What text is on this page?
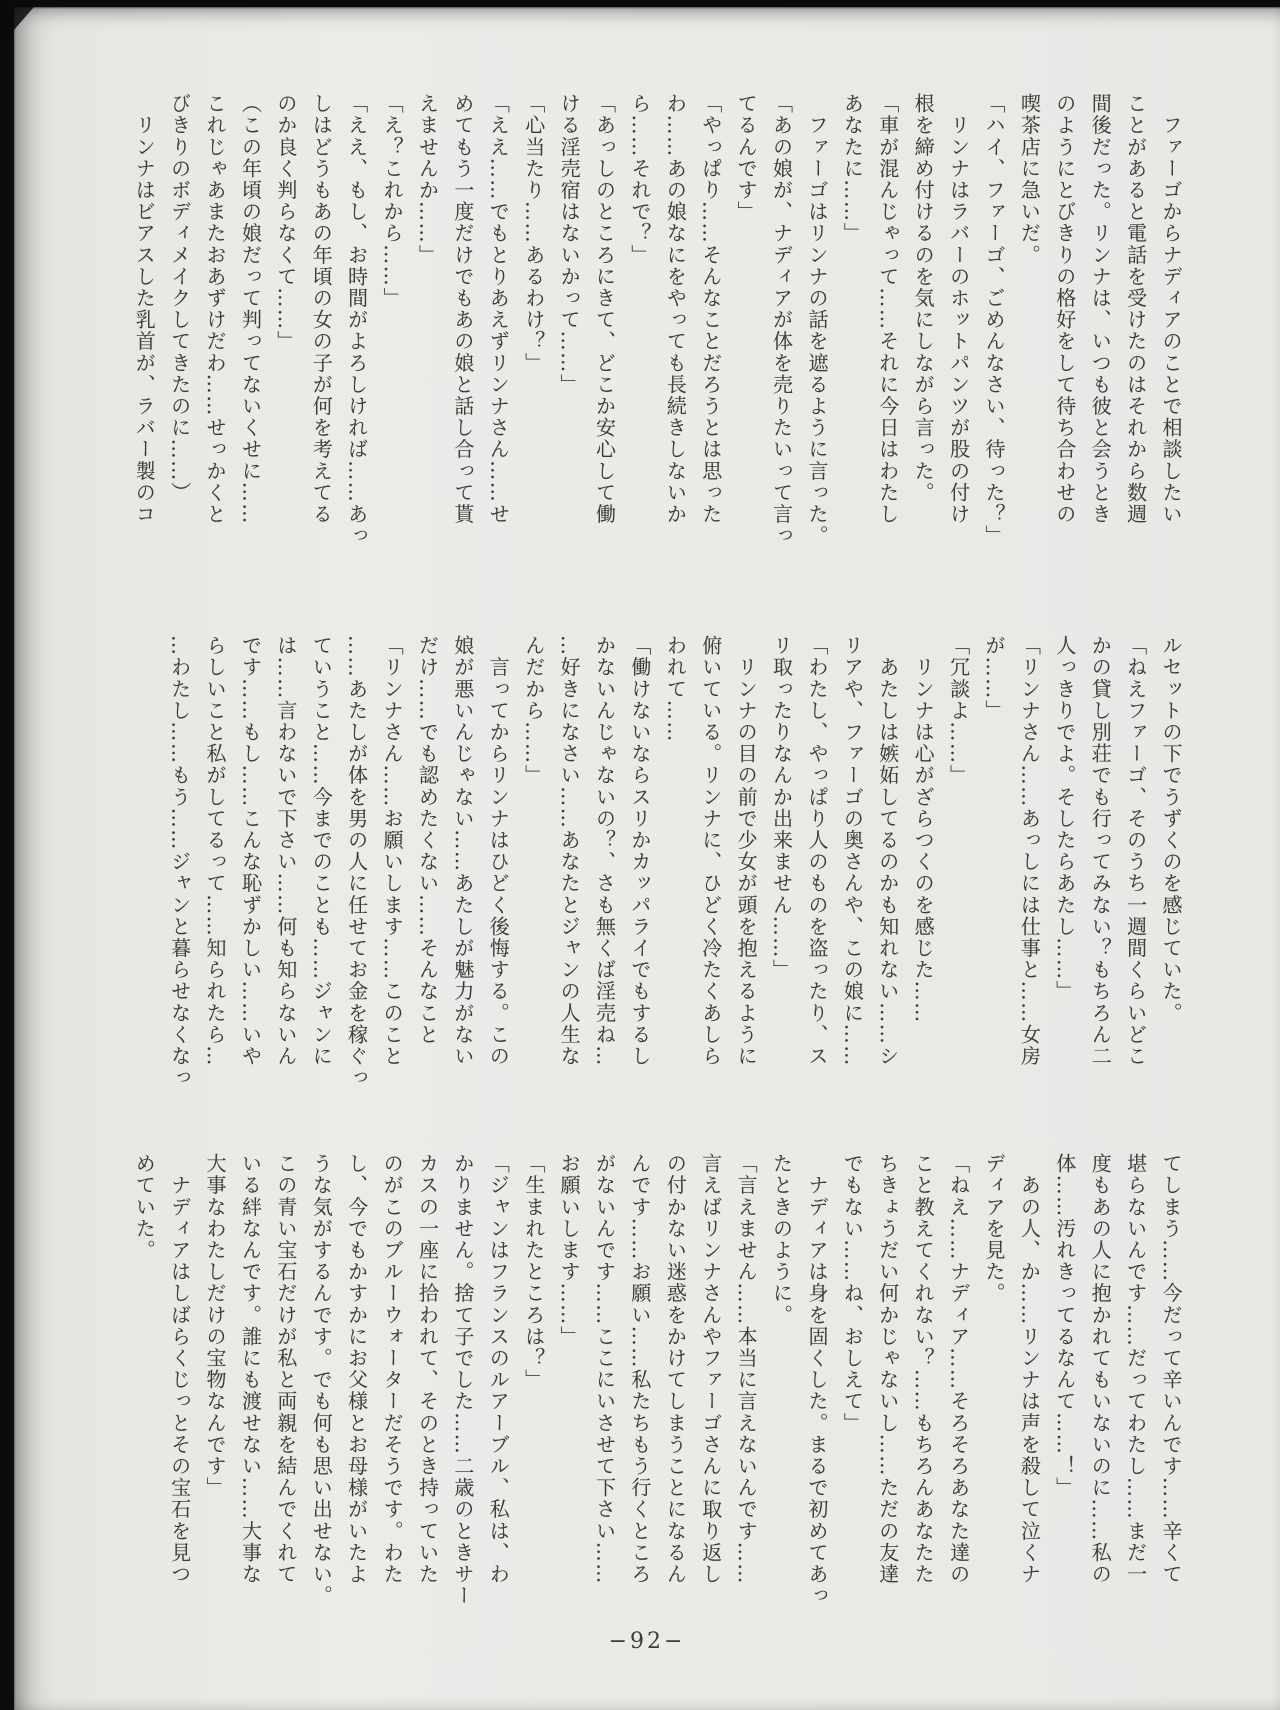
　ファーゴからナディアのことで相談したい
ことがあると電話を受けたのはそれから数週
間後だった。リンナは、いつも彼と会うとき
のようにとびきりの格好をして待ち合わせの
喫茶店に急いだ。
「ハイ、ファーゴ、ごめんなさい、待った？」
　リンナはラバーのホットパンツが股の付け
根を締め付けるのを気にしながら言った。
「車が混んじゃって……それに今日はわたし
あなたに……」
　ファーゴはリンナの話を遮るように言った。
「あの娘が、ナディアが体を売りたいって言っ
てるんです」
「やっぱり……そんなことだろうとは思った
わ……あの娘なにをやっても長続きしないか
ら……それで？」
「あっしのところにきて、どこか安心して働
ける淫売宿はないかって……」
「心当たり……あるわけ？」
「ええ……でもとりあえずリンナさん……せ
めてもう一度だけでもあの娘と話し合って貰
えませんか……」
「え？これから……」
「ええ、もし、お時間がよろしければ……あっ
しはどうもあの年頃の女の子が何を考えてる
のか良く判らなくて……」
（この年頃の娘だって判ってないくせに……
これじゃあまたおあずけだわ……せっかくと
びきりのボディメイクしてきたのに……）
　リンナはビアスした乳首が、ラバー製のコ
ルセットの下でうずくのを感じていた。
「ねえファーゴ、そのうち一週間くらいどこ
かの貸し別荘でも行ってみない？もちろん二
人っきりでよ。そしたらあたし……」
「リンナさん……あっしには仕事と……女房
が……」
「冗談よ……」
　リンナは心がざらつくのを感じた……
　あたしは嫉妬してるのかも知れない……シ
リアや、ファーゴの奥さんや、この娘に……
「わたし、やっぱり人のものを盗ったり、ス
リ取ったりなんか出来ません……」
　リンナの目の前で少女が頭を抱えるように
俯いている。リンナに、ひどく冷たくあしら
われて……
「働けないならスリかカッパライでもするし
かないんじゃないの？、さも無くば淫売ね…
…好きになさい……あなたとジャンの人生な
んだから……」
　言ってからリンナはひどく後悔する。この
娘が悪いんじゃない……あたしが魅力がない
だけ……でも認めたくない……そんなこと
「リンナさん……お願いします……このこと
……あたしが体を男の人に任せてお金を稼ぐっ
ていうこと……今までのことも……ジャンに
は……言わないで下さい……何も知らないん
です……もし……こんな恥ずかしい……いや
らしいこと私がしてるって……知られたら…
…わたし……もう……ジャンと暮らせなくなっ
てしまう……今だって辛いんです……辛くて
堪らないんです……だってわたし……まだ一
度もあの人に抱かれてもいないのに……私の
体……汚れきってるなんて……！」
　あの人、か……リンナは声を殺して泣くナ
ディアを見た。
「ねえ……ナディア……そろそろあなた達の
こと教えてくれない？……もちろんあなたた
ちきょうだい何かじゃないし……ただの友達
でもない……ね、おしえて」
　ナディアは身を固くした。まるで初めてあっ
たときのように。
「言えません……本当に言えないんです……
言えばリンナさんやファーゴさんに取り返し
の付かない迷惑をかけてしまうことになるん
んです……お願い……私たちもう行くところ
がないんです……ここにいさせて下さい……
お願いします……」
「生まれたところは？」
「ジャンはフランスのルアーブル、私は、わ
かりません。捨て子でした……二歳のときサー
カスの一座に拾われて、そのとき持っていた
のがこのブルーウォーターだそうです。わた
し、今でもかすかにお父様とお母様がいたよ
うな気がするんです。でも何も思い出せない。
この青い宝石だけが私と両親を結んでくれて
いる絆なんです。誰にも渡せない……大事な
大事なわたしだけの宝物なんです」
　ナディアはしばらくじっとその宝石を見つ
めていた。
−92−
